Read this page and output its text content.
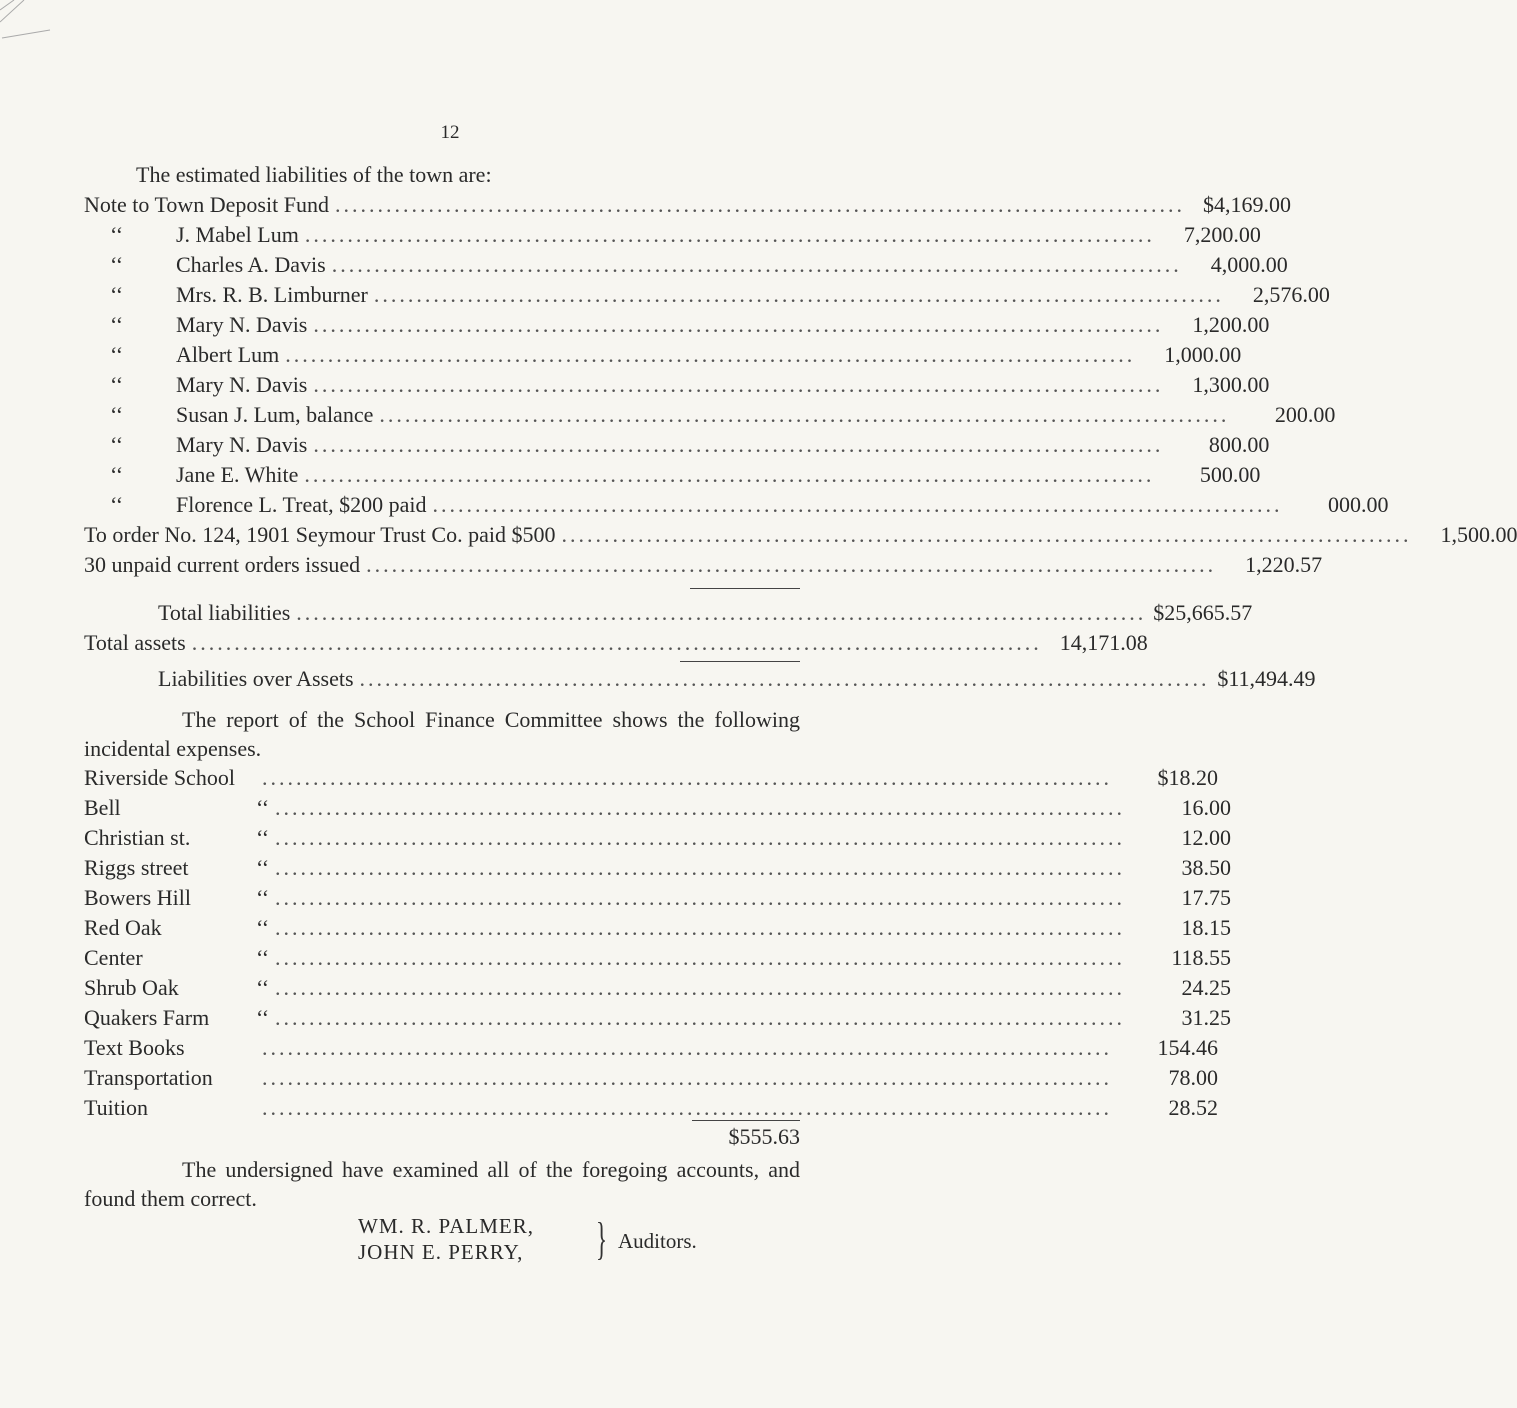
12
The estimated liabilities of the town are:
Note to Town Deposit Fund .................................................................................................... $4,169.00
‘‘	J. Mabel Lum ....................................................................................................	7,200.00
‘‘	Charles A. Davis ....................................................................................................	4,000.00
‘‘	Mrs. R. B. Limburner ....................................................................................................	2,576.00
‘‘	Mary N. Davis ....................................................................................................	1,200.00
‘‘	Albert Lum ....................................................................................................	1,000.00
‘‘	Mary N. Davis ....................................................................................................	1,300.00
‘‘	Susan J. Lum, balance ....................................................................................................	200.00
‘‘	Mary N. Davis ....................................................................................................	800.00
‘‘	Jane E. White ....................................................................................................	500.00
‘‘	Florence L. Treat, $200 paid ....................................................................................................	000.00
To order No. 124, 1901 Seymour Trust Co. paid $500 ....................................................................................................	1,500.00
30 unpaid current orders issued ....................................................................................................	1,220.57
Total liabilities .................................................................................................... $25,665.57
Total assets .................................................................................................... 14,171.08
Liabilities over Assets .................................................................................................... $11,494.49
The report of the School Finance Committee shows the following incidental expenses.
Riverside School	....................................................................................................	$18.20
Bell	‘‘ ....................................................................................................	16.00
Christian st.	‘‘ ....................................................................................................	12.00
Riggs street	‘‘ ....................................................................................................	38.50
Bowers Hill	‘‘ ....................................................................................................	17.75
Red Oak	‘‘ ....................................................................................................	18.15
Center	‘‘ ....................................................................................................	118.55
Shrub Oak	‘‘ ....................................................................................................	24.25
Quakers Farm	‘‘ ....................................................................................................	31.25
Text Books	....................................................................................................	154.46
Transportation	....................................................................................................	78.00
Tuition	....................................................................................................	28.52
$555.63
The undersigned have examined all of the foregoing accounts, and found them correct.
WM. R. PALMER,
JOHN E. PERRY, } Auditors.
